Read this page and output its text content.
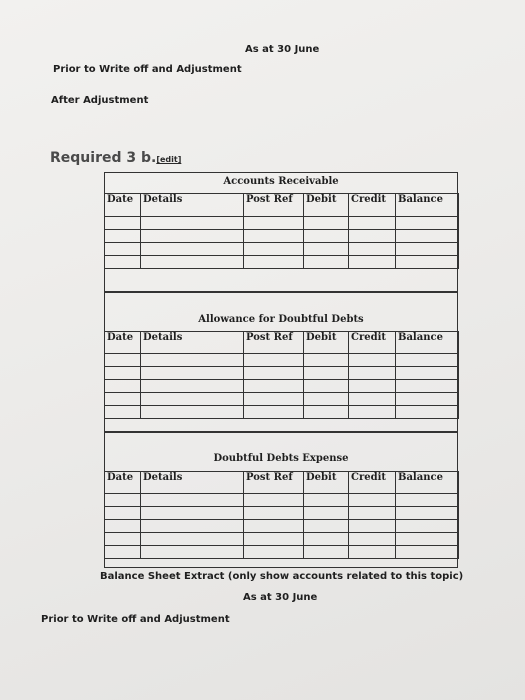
As at 30 June
Prior to Write off and Adjustment
After Adjustment
Required 3 b.[edit]
Accounts Receivable
Date	Details	Post Ref	Debit	Credit	Balance

Allowance for Doubtful Debts
Date	Details	Post Ref	Debit	Credit	Balance

Doubtful Debts Expense
Date	Details	Post Ref	Debit	Credit	Balance

Balance Sheet Extract (only show accounts related to this topic)
As at 30 June
Prior to Write off and Adjustment
